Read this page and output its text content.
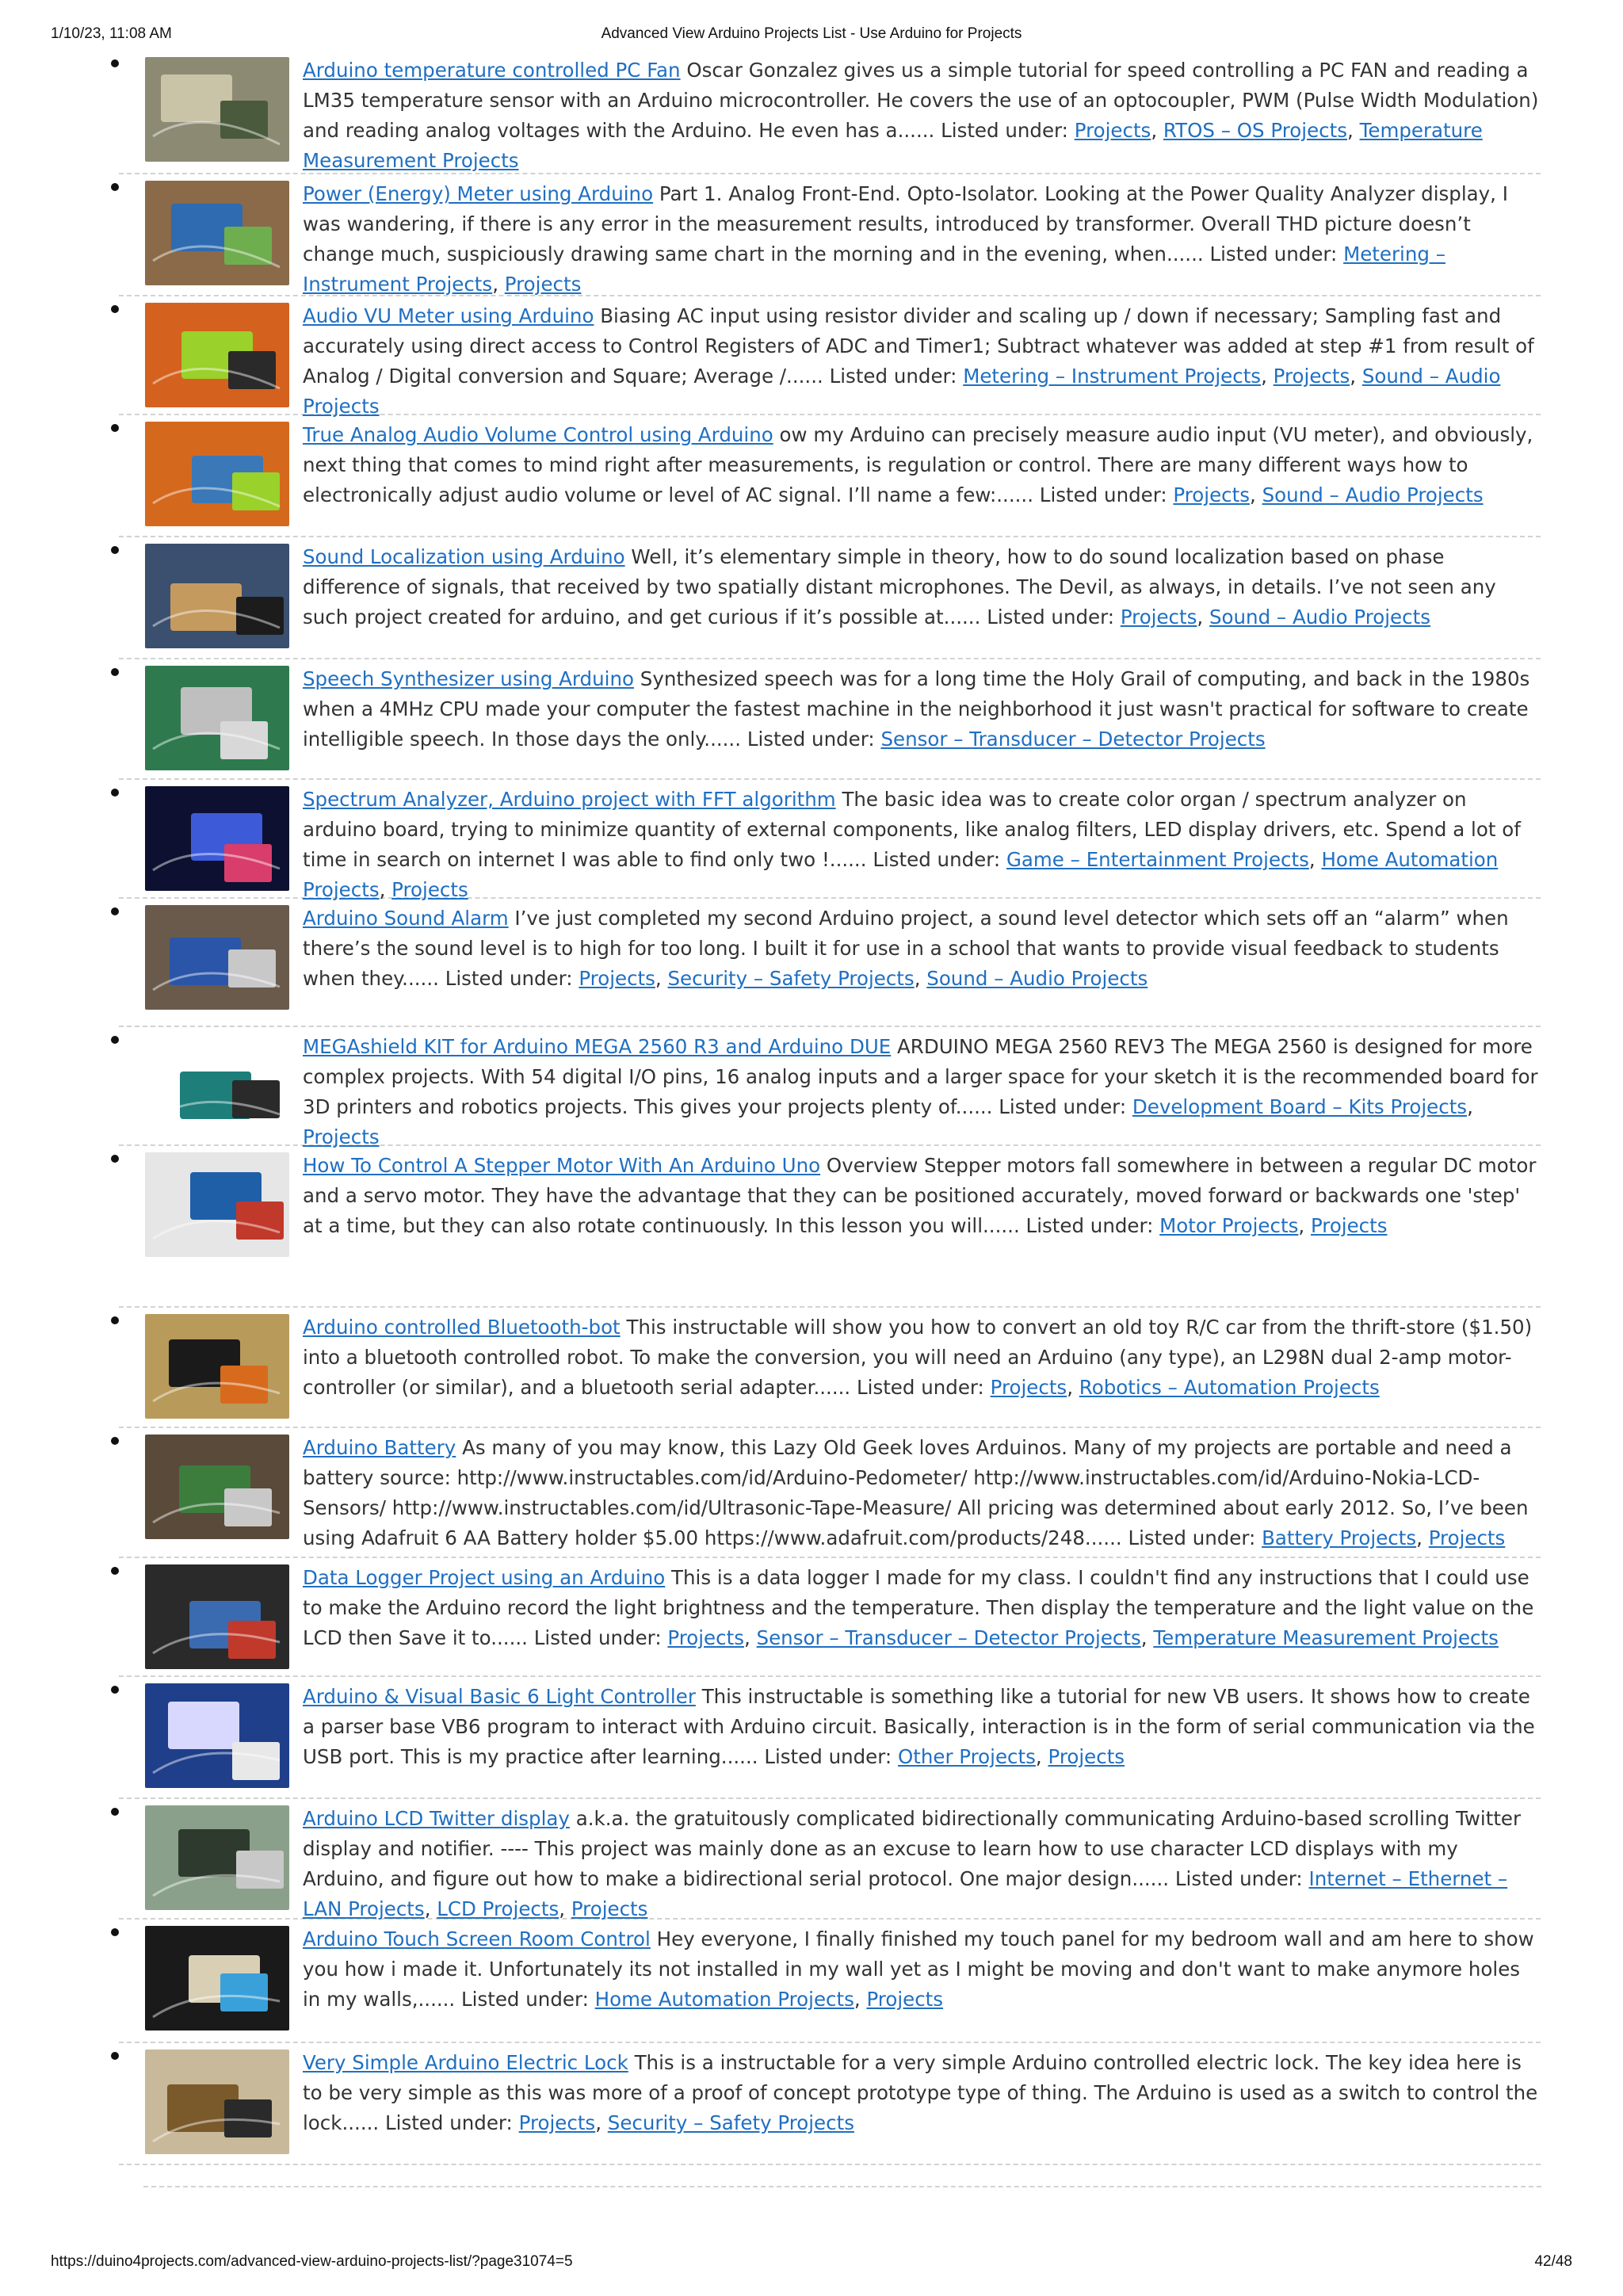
1/10/23, 11:08 AM	Advanced View Arduino Projects List - Use Arduino for Projects
Arduino temperature controlled PC Fan Oscar Gonzalez gives us a simple tutorial for speed controlling a PC FAN and reading a LM35 temperature sensor with an Arduino microcontroller. He covers the use of an optocoupler, PWM (Pulse Width Modulation) and reading analog voltages with the Arduino. He even has a...... Listed under: Projects, RTOS – OS Projects, Temperature Measurement Projects
Power (Energy) Meter using Arduino Part 1. Analog Front-End. Opto-Isolator. Looking at the Power Quality Analyzer display, I was wandering, if there is any error in the measurement results, introduced by transformer. Overall THD picture doesn’t change much, suspiciously drawing same chart in the morning and in the evening, when...... Listed under: Metering – Instrument Projects, Projects
Audio VU Meter using Arduino Biasing AC input using resistor divider and scaling up / down if necessary; Sampling fast and accurately using direct access to Control Registers of ADC and Timer1; Subtract whatever was added at step #1 from result of Analog / Digital conversion and Square; Average /...... Listed under: Metering – Instrument Projects, Projects, Sound – Audio Projects
True Analog Audio Volume Control using Arduino ow my Arduino can precisely measure audio input (VU meter), and obviously, next thing that comes to mind right after measurements, is regulation or control. There are many different ways how to electronically adjust audio volume or level of AC signal. I’ll name a few:...... Listed under: Projects, Sound – Audio Projects
Sound Localization using Arduino Well, it’s elementary simple in theory, how to do sound localization based on phase difference of signals, that received by two spatially distant microphones. The Devil, as always, in details. I’ve not seen any such project created for arduino, and get curious if it’s possible at...... Listed under: Projects, Sound – Audio Projects
Speech Synthesizer using Arduino Synthesized speech was for a long time the Holy Grail of computing, and back in the 1980s when a 4MHz CPU made your computer the fastest machine in the neighborhood it just wasn't practical for software to create intelligible speech. In those days the only...... Listed under: Sensor – Transducer – Detector Projects
Spectrum Analyzer, Arduino project with FFT algorithm The basic idea was to create color organ / spectrum analyzer on arduino board, trying to minimize quantity of external components, like analog filters, LED display drivers, etc. Spend a lot of time in search on internet I was able to find only two !...... Listed under: Game – Entertainment Projects, Home Automation Projects, Projects
Arduino Sound Alarm I’ve just completed my second Arduino project, a sound level detector which sets off an “alarm” when there’s the sound level is to high for too long. I built it for use in a school that wants to provide visual feedback to students when they...... Listed under: Projects, Security – Safety Projects, Sound – Audio Projects
MEGAshield KIT for Arduino MEGA 2560 R3 and Arduino DUE ARDUINO MEGA 2560 REV3 The MEGA 2560 is designed for more complex projects. With 54 digital I/O pins, 16 analog inputs and a larger space for your sketch it is the recommended board for 3D printers and robotics projects. This gives your projects plenty of...... Listed under: Development Board – Kits Projects, Projects
How To Control A Stepper Motor With An Arduino Uno Overview Stepper motors fall somewhere in between a regular DC motor and a servo motor. They have the advantage that they can be positioned accurately, moved forward or backwards one 'step' at a time, but they can also rotate continuously. In this lesson you will...... Listed under: Motor Projects, Projects
Arduino controlled Bluetooth-bot This instructable will show you how to convert an old toy R/C car from the thrift-store ($1.50) into a bluetooth controlled robot. To make the conversion, you will need an Arduino (any type), an L298N dual 2-amp motor-controller (or similar), and a bluetooth serial adapter...... Listed under: Projects, Robotics – Automation Projects
Arduino Battery As many of you may know, this Lazy Old Geek loves Arduinos. Many of my projects are portable and need a battery source: http://www.instructables.com/id/Arduino-Pedometer/ http://www.instructables.com/id/Arduino-Nokia-LCD-Sensors/ http://www.instructables.com/id/Ultrasonic-Tape-Measure/ All pricing was determined about early 2012. So, I’ve been using Adafruit 6 AA Battery holder $5.00 https://www.adafruit.com/products/248...... Listed under: Battery Projects, Projects
Data Logger Project using an Arduino This is a data logger I made for my class. I couldn't find any instructions that I could use to make the Arduino record the light brightness and the temperature. Then display the temperature and the light value on the LCD then Save it to...... Listed under: Projects, Sensor – Transducer – Detector Projects, Temperature Measurement Projects
Arduino & Visual Basic 6 Light Controller This instructable is something like a tutorial for new VB users. It shows how to create a parser base VB6 program to interact with Arduino circuit. Basically, interaction is in the form of serial communication via the USB port. This is my practice after learning...... Listed under: Other Projects, Projects
Arduino LCD Twitter display a.k.a. the gratuitously complicated bidirectionally communicating Arduino-based scrolling Twitter display and notifier. ---- This project was mainly done as an excuse to learn how to use character LCD displays with my Arduino, and figure out how to make a bidirectional serial protocol. One major design...... Listed under: Internet – Ethernet – LAN Projects, LCD Projects, Projects
Arduino Touch Screen Room Control Hey everyone, I finally finished my touch panel for my bedroom wall and am here to show you how i made it. Unfortunately its not installed in my wall yet as I might be moving and don't want to make anymore holes in my walls,...... Listed under: Home Automation Projects, Projects
Very Simple Arduino Electric Lock This is a instructable for a very simple Arduino controlled electric lock. The key idea here is to be very simple as this was more of a proof of concept prototype type of thing. The Arduino is used as a switch to control the lock...... Listed under: Projects, Security – Safety Projects
https://duino4projects.com/advanced-view-arduino-projects-list/?page31074=5	42/48
